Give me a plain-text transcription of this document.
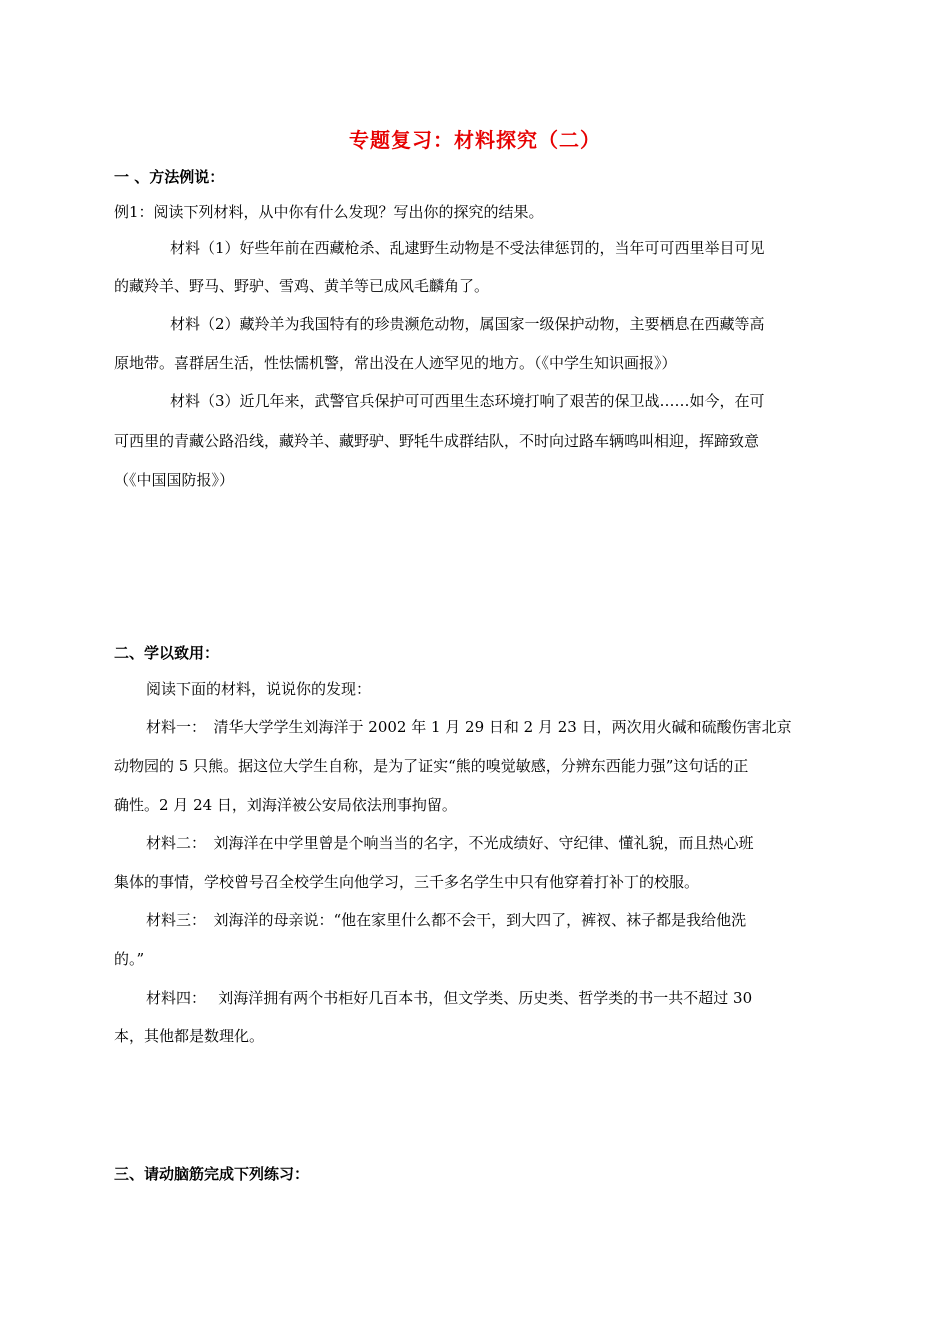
专题复习：材料探究（二）
一 、方法例说：
例1：阅读下列材料，从中你有什么发现？写出你的探究的结果。
材料（1）好些年前在西藏枪杀、乱逮野生动物是不受法律惩罚的，当年可可西里举目可见
的藏羚羊、野马、野驴、雪鸡、黄羊等已成风毛麟角了。
材料（2）藏羚羊为我国特有的珍贵濒危动物，属国家一级保护动物，主要栖息在西藏等高
原地带。喜群居生活，性怯懦机警，常出没在人迹罕见的地方。（《中学生知识画报》）
材料（3）近几年来，武警官兵保护可可西里生态环境打响了艰苦的保卫战……如今，在可
可西里的青藏公路沿线，藏羚羊、藏野驴、野牦牛成群结队，不时向过路车辆鸣叫相迎，挥蹄致意
（《中国国防报》）
二、学以致用：
阅读下面的材料，说说你的发现：
材料一：　清华大学学生刘海洋于 2002 年 1 月 29 日和 2 月 23 日，两次用火碱和硫酸伤害北京
动物园的 5 只熊。据这位大学生自称，是为了证实“熊的嗅觉敏感，分辨东西能力强”这句话的正
确性。2 月 24 日，刘海洋被公安局依法刑事拘留。
材料二：　刘海洋在中学里曾是个响当当的名字，不光成绩好、守纪律、懂礼貌，而且热心班
集体的事情，学校曾号召全校学生向他学习，三千多名学生中只有他穿着打补丁的校服。
材料三：　刘海洋的母亲说：“他在家里什么都不会干，到大四了，裤衩、袜子都是我给他洗
的。”
材料四：　 刘海洋拥有两个书柜好几百本书，但文学类、历史类、哲学类的书一共不超过 30
本，其他都是数理化。
三、请动脑筋完成下列练习：
